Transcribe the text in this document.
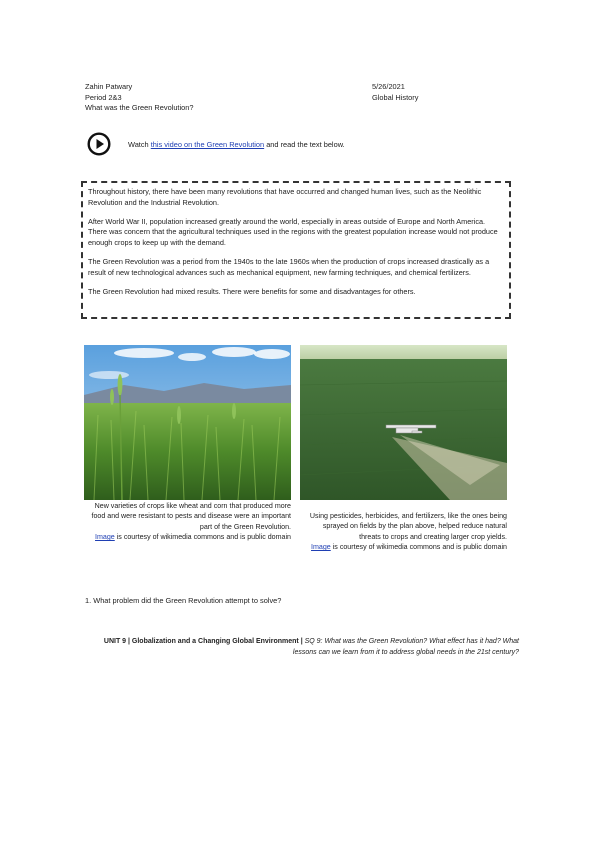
Zahin Patwary
Period 2&3
What was the Green Revolution?
5/26/2021
Global History
Watch this video on the Green Revolution and read the text below.

Throughout history, there have been many revolutions that have occurred and changed human lives, such as the Neolithic Revolution and the Industrial Revolution.

After World War II, population increased greatly around the world, especially in areas outside of Europe and North America. There was concern that the agricultural techniques used in the regions with the greatest population increase would not produce enough crops to keep up with the demand.

The Green Revolution was a period from the 1940s to the late 1960s when the production of crops increased drastically as a result of new technological advances such as mechanical equipment, new farming techniques, and chemical fertilizers.

The Green Revolution had mixed results. There were benefits for some and disadvantages for others.

New varieties of crops like wheat and corn that produced more food and were resistant to pests and disease were an important part of the Green Revolution.
Image is courtesy of wikimedia commons and is public domain
Using pesticides, herbicides, and fertilizers, like the ones being sprayed on fields by the plan above, helped reduce natural threats to crops and creating larger crop yields.
Image is courtesy of wikimedia commons and is public domain
1. What problem did the Green Revolution attempt to solve?
UNIT 9 | Globalization and a Changing Global Environment | SQ 9: What was the Green Revolution? What effect has it had? What lessons can we learn from it to address global needs in the 21st century?
